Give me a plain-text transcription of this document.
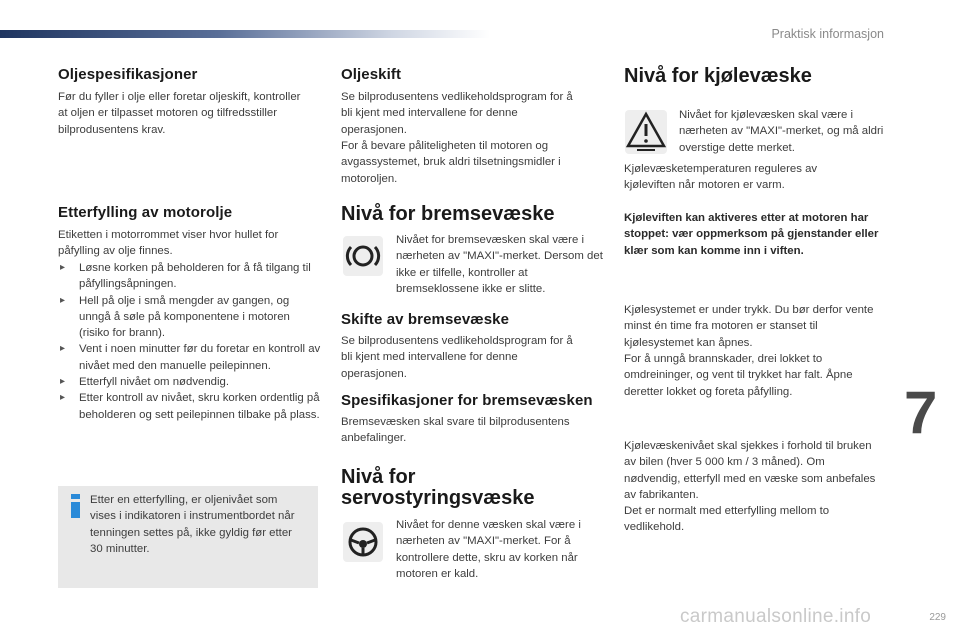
Praktisk informasjon
Oljespesifikasjoner

Før du fyller i olje eller foretar oljeskift, kontroller at oljen er tilpasset motoren og tilfredsstiller bilprodusentens krav.

Etterfylling av motorolje

Etiketten i motorrommet viser hvor hullet for påfylling av olje finnes.

▸ Løsne korken på beholderen for å få tilgang til påfyllingsåpningen.
▸ Hell på olje i små mengder av gangen, og unngå å søle på komponentene i motoren (risiko for brann).
▸ Vent i noen minutter før du foretar en kontroll av nivået med den manuelle peilepinnen.
▸ Etterfyll nivået om nødvendig.
▸ Etter kontroll av nivået, skru korken ordentlig på beholderen og sett peilepinnen tilbake på plass.

Etter en etterfylling, er oljenivået som vises i indikatoren i instrumentbordet når tenningen settes på, ikke gyldig før etter 30 minutter.

Oljeskift

Se bilprodusentens vedlikeholdsprogram for å bli kjent med intervallene for denne operasjonen.

For å bevare påliteligheten til motoren og avgassystemet, bruk aldri tilsetningsmidler i motoroljen.

Nivå for bremsevæske

Nivået for bremsevæsken skal være i nærheten av "MAXI"-merket. Dersom det ikke er tilfelle, kontroller at bremseklossene ikke er slitte.

Skifte av bremsevæske

Se bilprodusentens vedlikeholdsprogram for å bli kjent med intervallene for denne operasjonen.

Spesifikasjoner for bremsevæsken

Bremsevæsken skal svare til bilprodusentens anbefalinger.

Nivå for
servostyringsvæske

Nivået for denne væsken skal være i nærheten av "MAXI"-merket. For å kontrollere dette, skru av korken når motoren er kald.

Nivå for kjølevæske

Nivået for kjølevæsken skal være i nærheten av "MAXI"-merket, og må aldri overstige dette merket.

Kjølevæsketemperaturen reguleres av kjøleviften når motoren er varm.

Kjøleviften kan aktiveres etter at motoren har stoppet: vær oppmerksom på gjenstander eller klær som kan komme inn i viften.

Kjølesystemet er under trykk. Du bør derfor vente minst én time fra motoren er stanset til kjølesystemet kan åpnes.

For å unngå brannskader, drei lokket to omdreininger, og vent til trykket har falt. Åpne deretter lokket og foreta påfylling.

Kjølevæskenivået skal sjekkes i forhold til bruken av bilen (hver 5 000 km / 3 måned). Om nødvendig, etterfyll med en væske som anbefales av fabrikanten.

Det er normalt med etterfylling mellom to vedlikehold.

7
carmanualsonline.info	229
